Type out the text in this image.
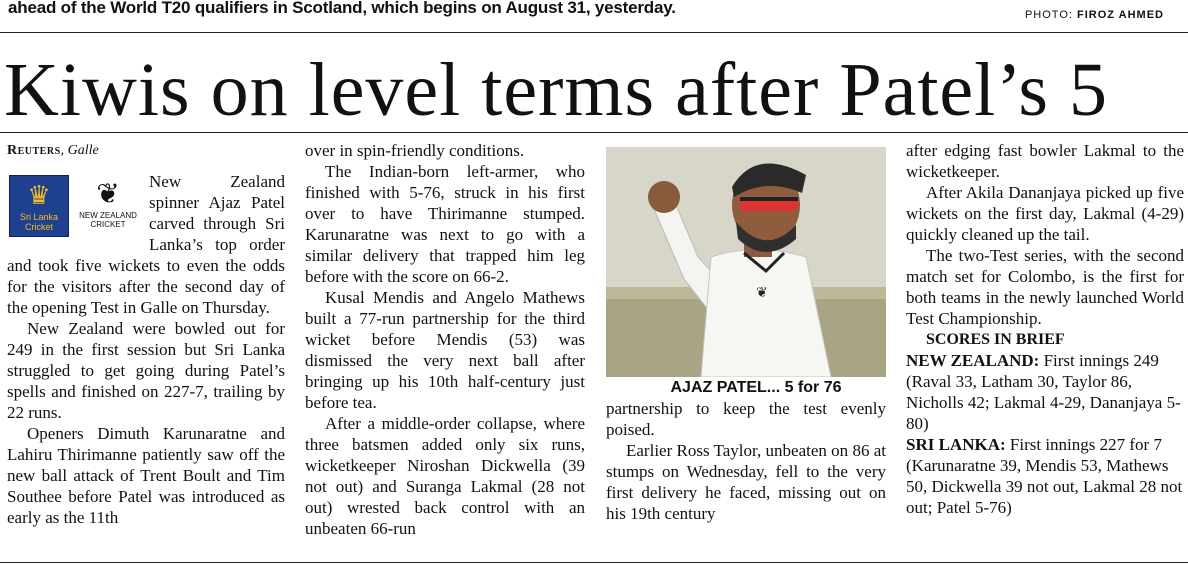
ahead of the World T20 qualifiers in Scotland, which begins on August 31, yesterday.	PHOTO: FIROZ AHMED
Kiwis on level terms after Patel’s 5
Reuters, Galle
♛
Sri Lanka Cricket
❦
NEW ZEALAND
CRICKET

New Zealand spinner Ajaz Patel carved through Sri Lanka’s top order and took five wickets to even the odds for the visitors after the second day of the opening Test in Galle on Thursday.

New Zealand were bowled out for 249 in the first session but Sri Lanka struggled to get going during Patel’s spells and finished on 227-7, trailing by 22 runs.

Openers Dimuth Karunaratne and Lahiru Thirimanne patiently saw off the new ball attack of Trent Boult and Tim Southee before Patel was introduced as early as the 11th

over in spin-friendly conditions.

The Indian-born left-armer, who finished with 5-76, struck in his first over to have Thirimanne stumped. Karunaratne was next to go with a similar delivery that trapped him leg before with the score on 66-2.

Kusal Mendis and Angelo Mathews built a 77-run partnership for the third wicket before Mendis (53) was dismissed the very next ball after bringing up his 10th half-century just before tea.

After a middle-order collapse, where three batsmen added only six runs, wicketkeeper Niroshan Dickwella (39 not out) and Suranga Lakmal (28 not out) wrested back control with an unbeaten 66-run

❦

AJAZ PATEL... 5 for 76

partnership to keep the test evenly poised.

Earlier Ross Taylor, unbeaten on 86 at stumps on Wednesday, fell to the very first delivery he faced, missing out on his 19th century

after edging fast bowler Lakmal to the wicketkeeper.

After Akila Dananjaya picked up five wickets on the first day, Lakmal (4-29) quickly cleaned up the tail.

The two-Test series, with the second match set for Colombo, is the first for both teams in the newly launched World Test Championship.

SCORES IN BRIEF

NEW ZEALAND: First innings 249 (Raval 33, Latham 30, Taylor 86, Nicholls 42; Lakmal 4-29, Dananjaya 5-80)

SRI LANKA: First innings 227 for 7 (Karunaratne 39, Mendis 53, Mathews 50, Dickwella 39 not out, Lakmal 28 not out; Patel 5-76)
